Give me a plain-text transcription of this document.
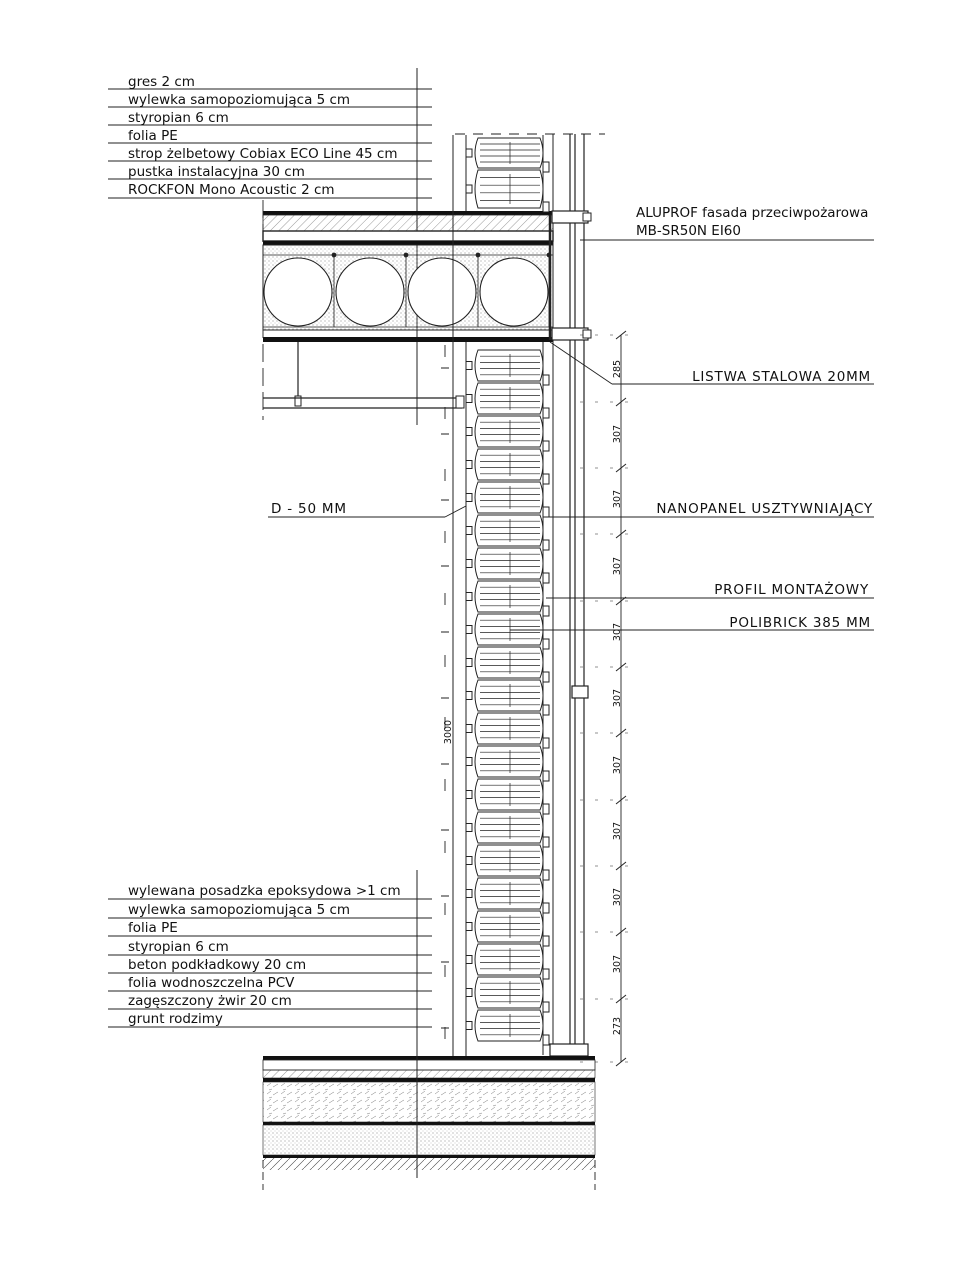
gres 2 cm
wylewka samopoziomująca 5 cm
styropian 6 cm
folia PE
strop żelbetowy Cobiax ECO Line 45 cm
pustka instalacyjna 30 cm
ROCKFON Mono Acoustic 2 cm
wylewana posadzka epoksydowa >1 cm
wylewka samopoziomująca 5 cm
folia PE
styropian 6 cm
beton podkładkowy 20 cm
folia wodnoszczelna PCV
zagęszczony żwir 20 cm
grunt rodzimy
ALUPROF fasada przeciwpożarowa
MB-SR50N EI60
LISTWA STALOWA 20MM
D - 50 MM	NANOPANEL USZTYWNIAJĄCY
PROFIL MONTAŻOWY
POLIBRICK 385 MM
285
307
307
307
307
307
307
307
307
307
273
3000
